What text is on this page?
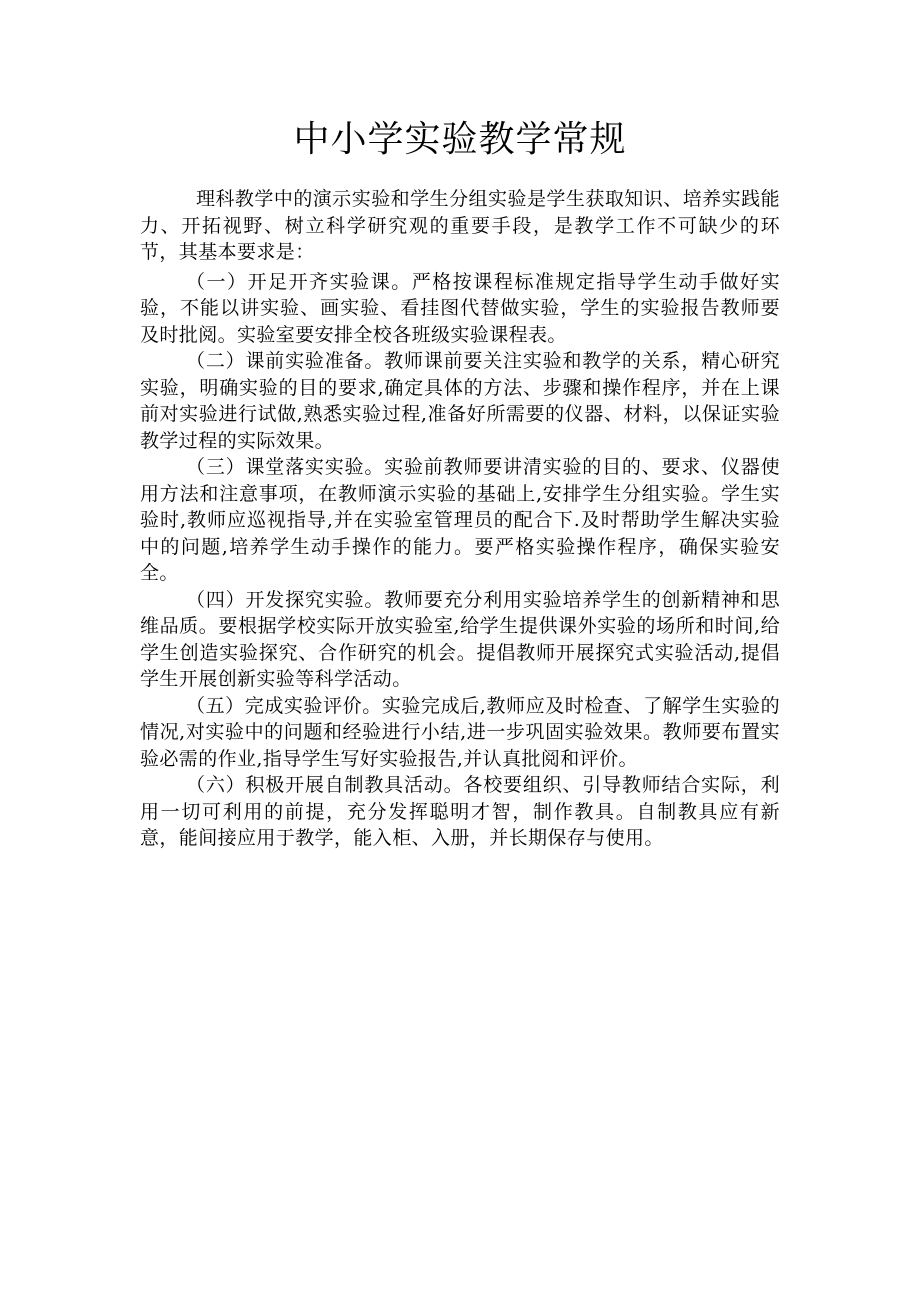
中小学实验教学常规

理科教学中的演示实验和学生分组实验是学生获取知识、培养实践能力、开拓视野、树立科学研究观的重要手段，是教学工作不可缺少的环节，其基本要求是：

（一）开足开齐实验课。严格按课程标准规定指导学生动手做好实验，不能以讲实验、画实验、看挂图代替做实验，学生的实验报告教师要及时批阅。实验室要安排全校各班级实验课程表。

（二）课前实验准备。教师课前要关注实验和教学的关系，精心研究实验，明确实验的目的要求,确定具体的方法、步骤和操作程序，并在上课前对实验进行试做,熟悉实验过程,准备好所需要的仪器、材料，以保证实验教学过程的实际效果。

（三）课堂落实实验。实验前教师要讲清实验的目的、要求、仪器使用方法和注意事项，在教师演示实验的基础上,安排学生分组实验。学生实验时,教师应巡视指导,并在实验室管理员的配合下.及时帮助学生解决实验中的问题,培养学生动手操作的能力。要严格实验操作程序，确保实验安全。

（四）开发探究实验。教师要充分利用实验培养学生的创新精神和思维品质。要根据学校实际开放实验室,给学生提供课外实验的场所和时间,给学生创造实验探究、合作研究的机会。提倡教师开展探究式实验活动,提倡学生开展创新实验等科学活动。

（五）完成实验评价。实验完成后,教师应及时检查、了解学生实验的情况,对实验中的问题和经验进行小结,进一步巩固实验效果。教师要布置实验必需的作业,指导学生写好实验报告,并认真批阅和评价。

（六）积极开展自制教具活动。各校要组织、引导教师结合实际，利用一切可利用的前提，充分发挥聪明才智，制作教具。自制教具应有新意，能间接应用于教学，能入柜、入册，并长期保存与使用。
